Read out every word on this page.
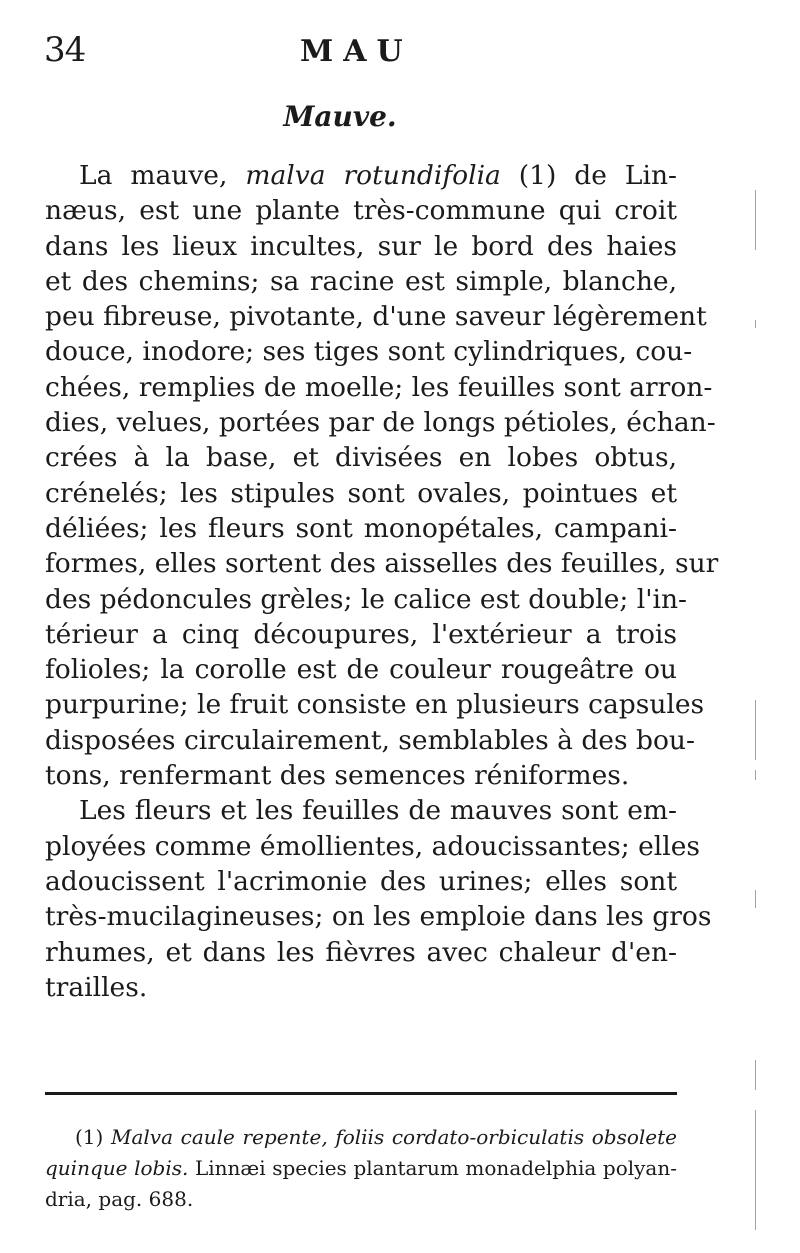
34	MAU
Mauve.
La mauve, malva rotundifolia (1) de Lin-
næus, est une plante très-commune qui croit
dans les lieux incultes, sur le bord des haies
et des chemins; sa racine est simple, blanche,
peu fibreuse, pivotante, d'une saveur légèrement
douce, inodore; ses tiges sont cylindriques, cou-
chées, remplies de moelle; les feuilles sont arron-
dies, velues, portées par de longs pétioles, échan-
crées à la base, et divisées en lobes obtus,
crénelés; les stipules sont ovales, pointues et
déliées; les fleurs sont monopétales, campani-
formes, elles sortent des aisselles des feuilles, sur
des pédoncules grèles; le calice est double; l'in-
térieur a cinq découpures, l'extérieur a trois
folioles; la corolle est de couleur rougeâtre ou
purpurine; le fruit consiste en plusieurs capsules
disposées circulairement, semblables à des bou-
tons, renfermant des semences réniformes.
Les fleurs et les feuilles de mauves sont em-
ployées comme émollientes, adoucissantes; elles
adoucissent l'acrimonie des urines; elles sont
très-mucilagineuses; on les emploie dans les gros
rhumes, et dans les fièvres avec chaleur d'en-
trailles.
(1) Malva caule repente, foliis cordato-orbiculatis obsolete
quinque lobis. Linnæi species plantarum monadelphia polyan-
dria, pag. 688.
